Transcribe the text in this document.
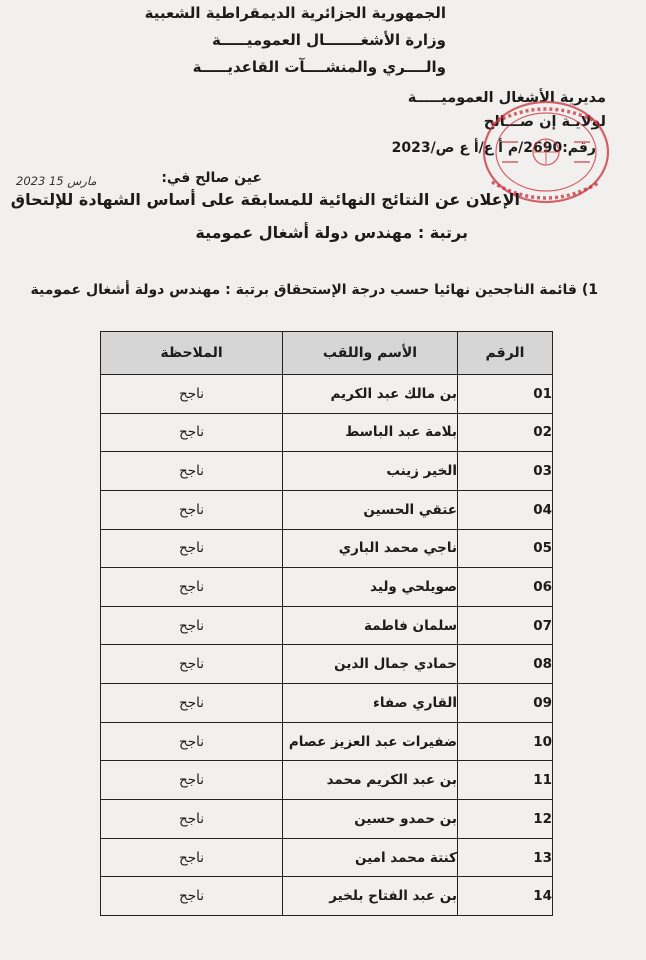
الجمهورية الجزائرية الديمقراطية الشعبية
وزارة الأشغـــــــال العموميـــــة
والــــري والمنشــــآت القاعديـــــة
مديرية الأشغال العموميـــــة
لولايـة إن صـــالح
رقم:2690/م أ ع/أ ع ص/2023
عين صالح في:
2023 مارس 15
الإعلان عن النتائج النهائية للمسابقة على أساس الشهادة للإلتحاق
برتبة : مهندس دولة أشغال عمومية
1) قائمة الناجحين نهائيا حسب درجة الإستحقاق برتبة : مهندس دولة أشغال عمومية
الرقم	الأسم واللقب	الملاحظة
01	بن مالك عبد الكريم	ناجح
02	بلامة عبد الباسط	ناجح
03	الخير زينب	ناجح
04	عتقي الحسين	ناجح
05	ناجي محمد الباري	ناجح
06	صويلحي وليد	ناجح
07	سلمان فاطمة	ناجح
08	حمادي جمال الدين	ناجح
09	القاري صفاء	ناجح
10	ضفيرات عبد العزيز عصام	ناجح
11	بن عبد الكريم محمد	ناجح
12	بن حمدو حسين	ناجح
13	كنتة محمد امين	ناجح
14	بن عبد الفتاح بلخير	ناجح
